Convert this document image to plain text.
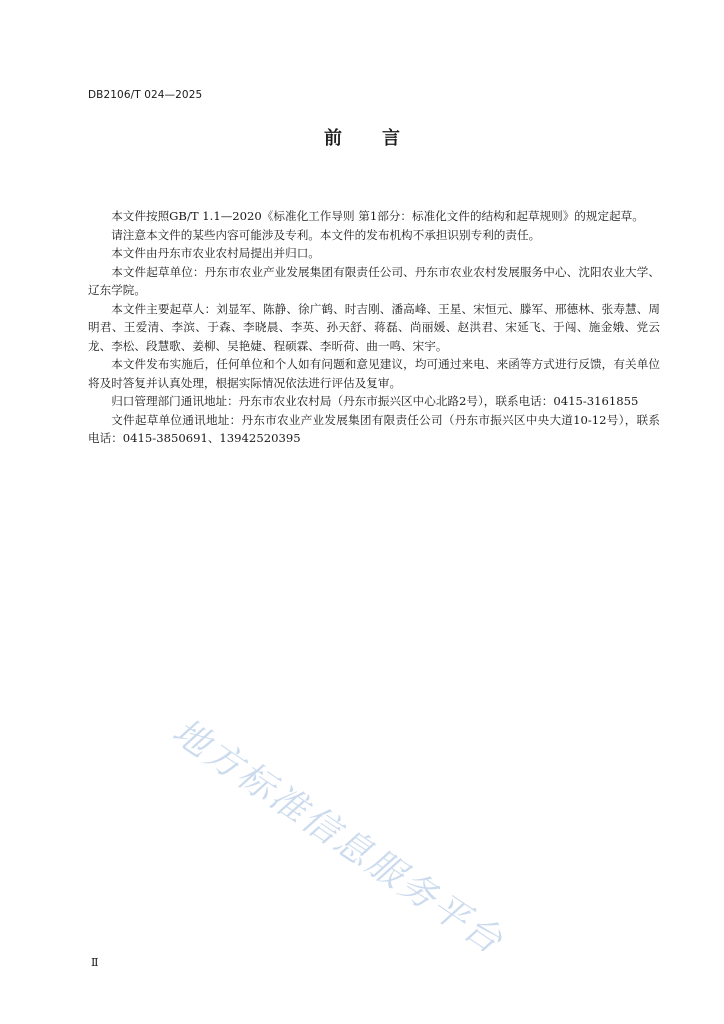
DB2106/T 024—2025
前言

本文件按照GB/T 1.1—2020《标准化工作导则 第1部分：标准化文件的结构和起草规则》的规定起草。

请注意本文件的某些内容可能涉及专利。本文件的发布机构不承担识别专利的责任。

本文件由丹东市农业农村局提出并归口。

本文件起草单位：丹东市农业产业发展集团有限责任公司、丹东市农业农村发展服务中心、沈阳农业大学、辽东学院。

本文件主要起草人：刘显军、陈静、徐广鹤、时吉刚、潘高峰、王星、宋恒元、滕军、邢德林、张寿慧、周明君、王爱清、李滨、于森、李晓晨、李英、孙天舒、蒋磊、尚丽媛、赵洪君、宋延飞、于闯、施金娥、党云龙、李松、段慧歌、姜柳、吴艳婕、程硕霖、李昕荷、曲一鸣、宋宇。

本文件发布实施后，任何单位和个人如有问题和意见建议，均可通过来电、来函等方式进行反馈，有关单位将及时答复并认真处理，根据实际情况依法进行评估及复审。

归口管理部门通讯地址：丹东市农业农村局（丹东市振兴区中心北路2号），联系电话：0415-3161855

文件起草单位通讯地址：丹东市农业产业发展集团有限责任公司（丹东市振兴区中央大道10-12号），联系电话：0415-3850691、13942520395

地方标准信息服务平台
Ⅱ
